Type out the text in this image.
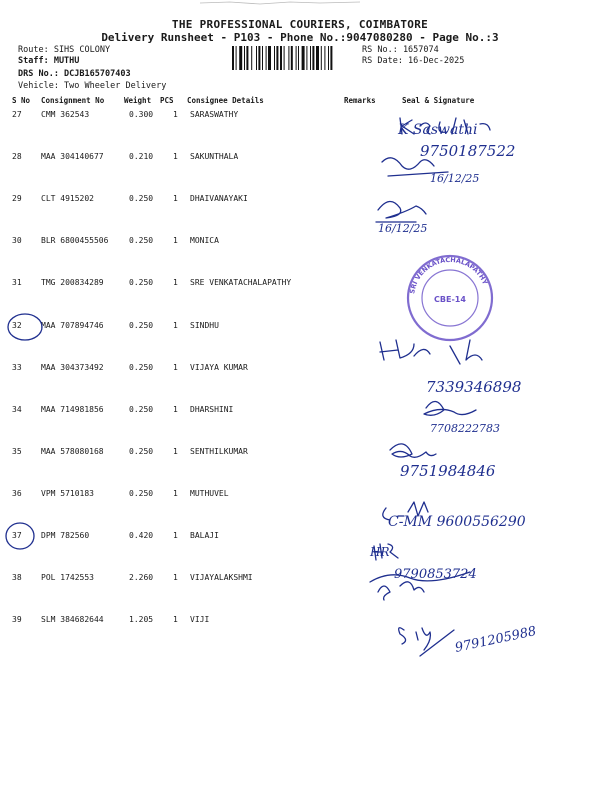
THE PROFESSIONAL COURIERS, COIMBATORE
Delivery Runsheet - P103 - Phone No.:9047080280 - Page No.:3
Route: SIHS COLONY
Staff: MUTHU
DRS No.: DCJB165707403
Vehicle: Two Wheeler Delivery
RS No.: 1657074
RS Date: 16-Dec-2025
S No Consignment No	Weight PCS Consignee Details	Remarks	Seal & Signature
27 CMM 362543	0.300 1 SARASWATHY
28 MAA 304140677	0.210 1 SAKUNTHALA
29 CLT 4915202	0.250 1 DHAIVANAYAKI
30 BLR 6800455506	0.250 1 MONICA
31 TMG 200834289	0.250 1 SRE VENKATACHALAPATHY
32 MAA 707894746	0.250 1 SINDHU
33 MAA 304373492	0.250 1 VIJAYA KUMAR
34 MAA 714981856	0.250 1 DHARSHINI
35 MAA 578080168	0.250 1 SENTHILKUMAR
36 VPM 5710183	0.250 1 MUTHUVEL
37 DPM 782560	0.420 1 BALAJI
38 POL 1742553	2.260 1 VIJAYALAKSHMI
39 SLM 384682644	1.205 1 VIJI
SRI VENKATACHALAPATHY
CBE-14
K Saswathi
9750187522
16/12/25
16/12/25
7339346898
7708222783
9751984846
C-MM 9600556290
HR
9790853724
9791205988
